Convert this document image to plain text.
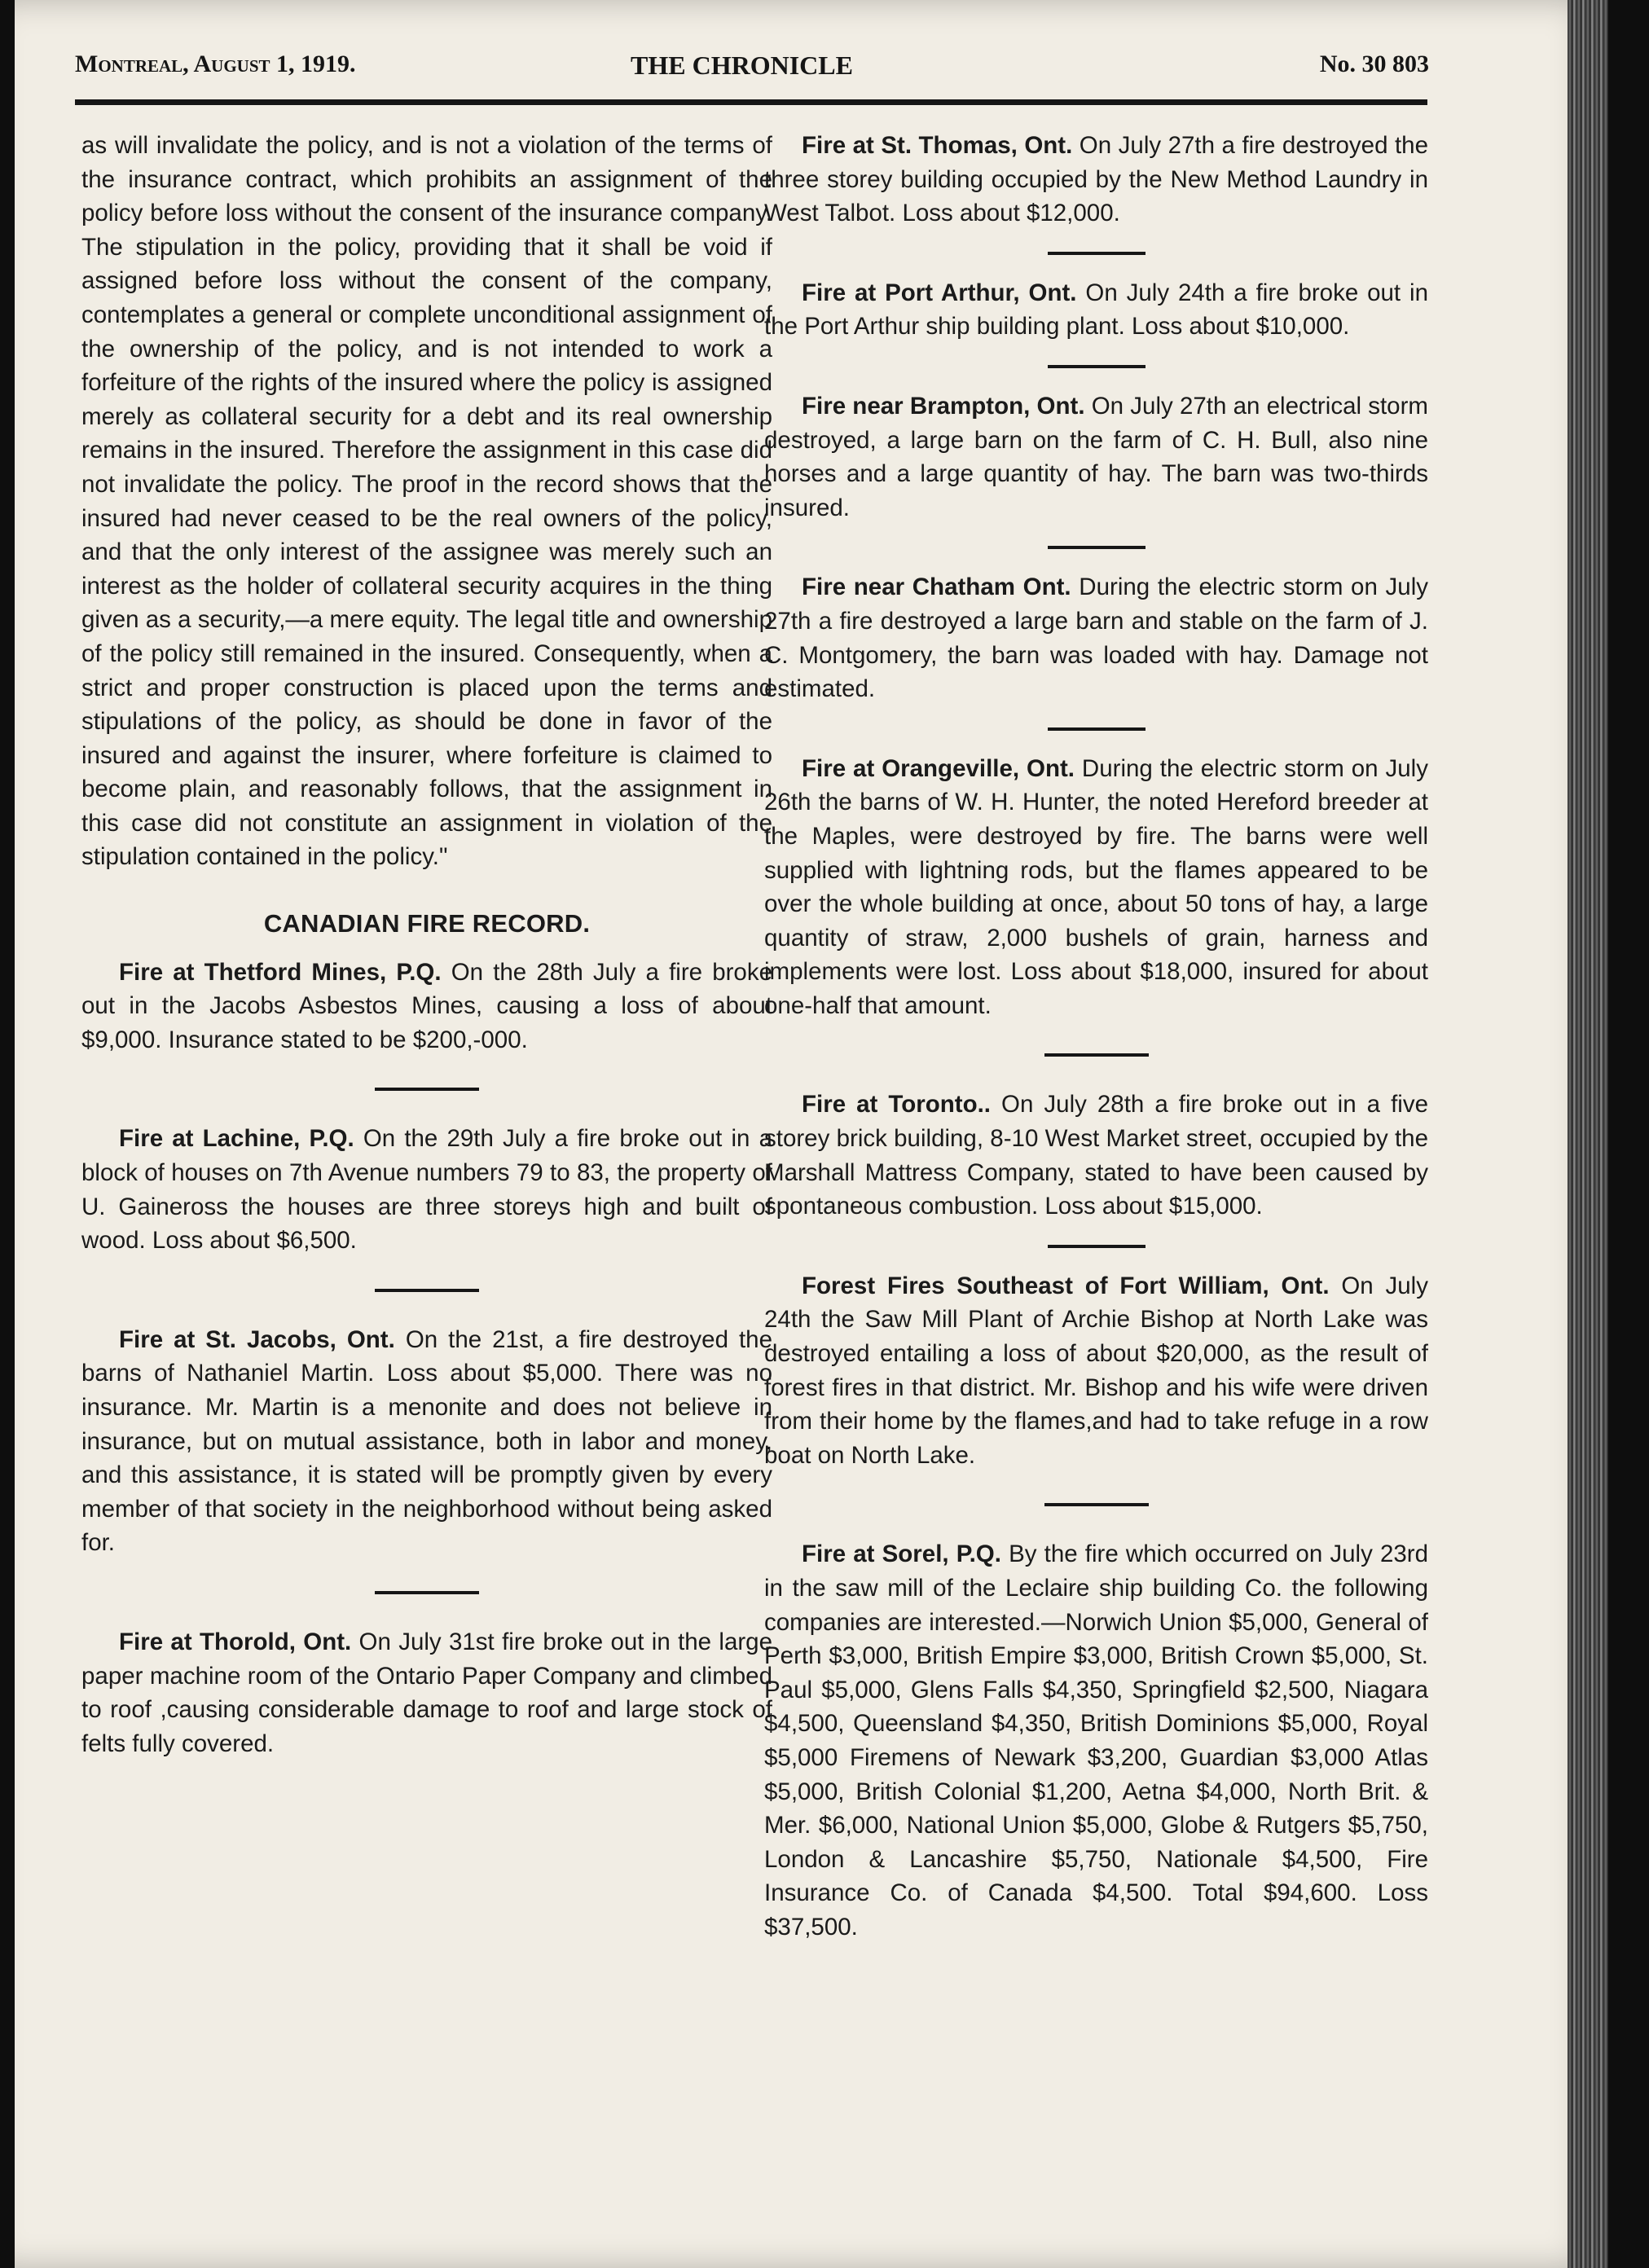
Montreal, August 1, 1919.	THE CHRONICLE	No. 30 803

as will invalidate the policy, and is not a violation of the terms of the insurance contract, which prohibits an assignment of the policy before loss without the consent of the insurance company. The stipulation in the policy, providing that it shall be void if assigned before loss without the consent of the company, contemplates a general or complete unconditional assignment of the ownership of the policy, and is not intended to work a forfeiture of the rights of the insured where the policy is assigned merely as collateral security for a debt and its real ownership remains in the insured. Therefore the assignment in this case did not invalidate the policy. The proof in the record shows that the insured had never ceased to be the real owners of the policy, and that the only interest of the assignee was merely such an interest as the holder of collateral security acquires in the thing given as a security,—a mere equity. The legal title and ownership of the policy still remained in the insured. Consequently, when a strict and proper construction is placed upon the terms and stipulations of the policy, as should be done in favor of the insured and against the insurer, where forfeiture is claimed to become plain, and reasonably follows, that the assignment in this case did not constitute an assignment in violation of the stipulation contained in the policy."

CANADIAN FIRE RECORD.

Fire at Thetford Mines, P.Q. On the 28th July a fire broke out in the Jacobs Asbestos Mines, causing a loss of about $9,000. Insurance stated to be $200,-000.

Fire at Lachine, P.Q. On the 29th July a fire broke out in a block of houses on 7th Avenue numbers 79 to 83, the property of U. Gaineross the houses are three storeys high and built of wood. Loss about $6,500.

Fire at St. Jacobs, Ont. On the 21st, a fire destroyed the barns of Nathaniel Martin. Loss about $5,000. There was no insurance. Mr. Martin is a menonite and does not believe in insurance, but on mutual assistance, both in labor and money, and this assistance, it is stated will be promptly given by every member of that society in the neighborhood without being asked for.

Fire at Thorold, Ont. On July 31st fire broke out in the large paper machine room of the Ontario Paper Company and climbed to roof ,causing considerable damage to roof and large stock of felts fully covered.

Fire at St. Thomas, Ont. On July 27th a fire destroyed the three storey building occupied by the New Method Laundry in West Talbot. Loss about $12,000.

Fire at Port Arthur, Ont. On July 24th a fire broke out in the Port Arthur ship building plant. Loss about $10,000.

Fire near Brampton, Ont. On July 27th an electrical storm destroyed, a large barn on the farm of C. H. Bull, also nine horses and a large quantity of hay. The barn was two-thirds insured.

Fire near Chatham Ont. During the electric storm on July 27th a fire destroyed a large barn and stable on the farm of J. C. Montgomery, the barn was loaded with hay. Damage not estimated.

Fire at Orangeville, Ont. During the electric storm on July 26th the barns of W. H. Hunter, the noted Hereford breeder at the Maples, were destroyed by fire. The barns were well supplied with lightning rods, but the flames appeared to be over the whole building at once, about 50 tons of hay, a large quantity of straw, 2,000 bushels of grain, harness and implements were lost. Loss about $18,000, insured for about one-half that amount.

Fire at Toronto.. On July 28th a fire broke out in a five storey brick building, 8-10 West Market street, occupied by the Marshall Mattress Company, stated to have been caused by spontaneous combustion. Loss about $15,000.

Forest Fires Southeast of Fort William, Ont. On July 24th the Saw Mill Plant of Archie Bishop at North Lake was destroyed entailing a loss of about $20,000, as the result of forest fires in that district. Mr. Bishop and his wife were driven from their home by the flames,and had to take refuge in a row boat on North Lake.

Fire at Sorel, P.Q. By the fire which occurred on July 23rd in the saw mill of the Leclaire ship building Co. the following companies are interested.—Norwich Union $5,000, General of Perth $3,000, British Empire $3,000, British Crown $5,000, St. Paul $5,000, Glens Falls $4,350, Springfield $2,500, Niagara $4,500, Queensland $4,350, British Dominions $5,000, Royal $5,000 Firemens of Newark $3,200, Guardian $3,000 Atlas $5,000, British Colonial $1,200, Aetna $4,000, North Brit. & Mer. $6,000, National Union $5,000, Globe & Rutgers $5,750, London & Lancashire $5,750, Nationale $4,500, Fire Insurance Co. of Canada $4,500. Total $94,600. Loss $37,500.
